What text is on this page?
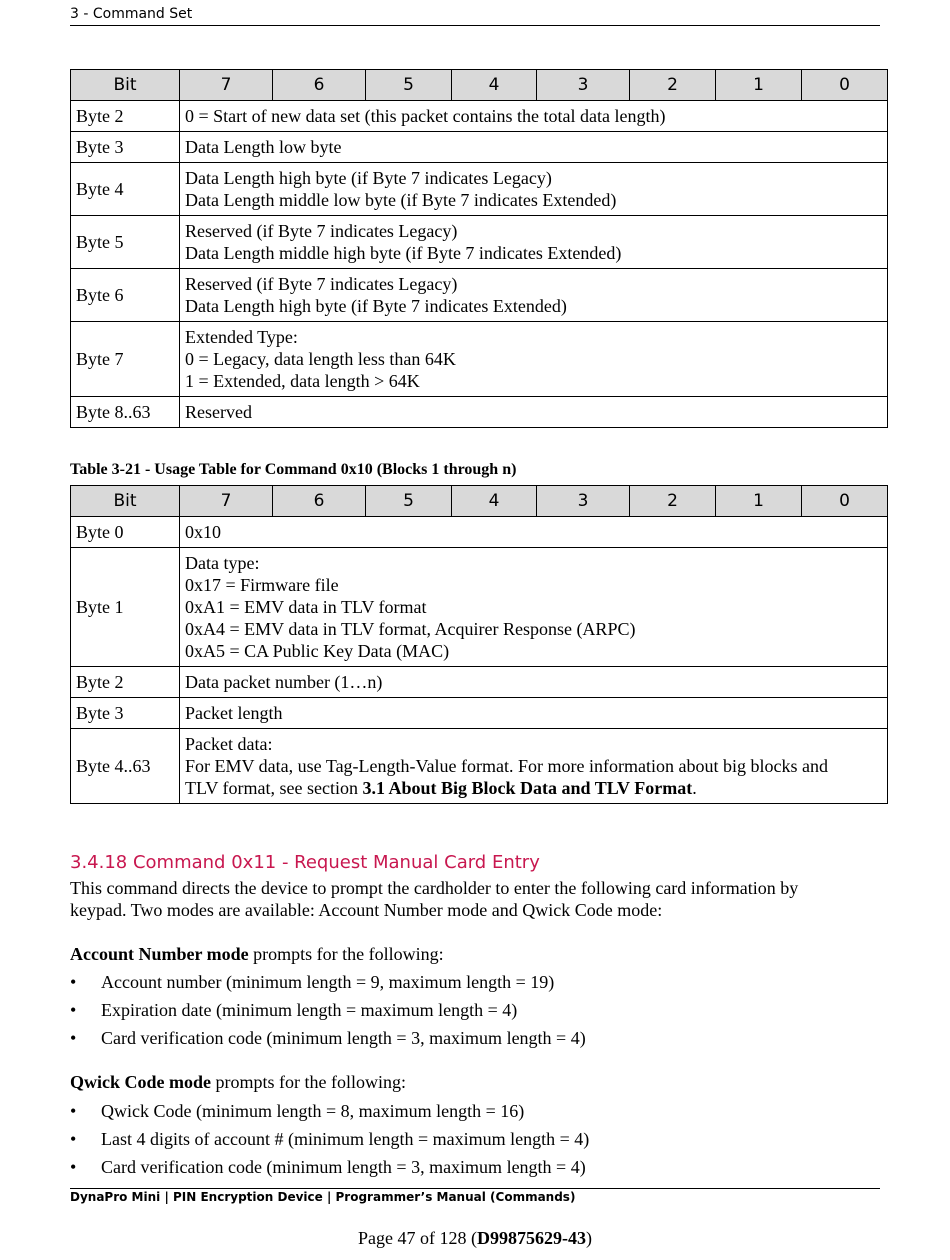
3 - Command Set
Bit	7	6	5	4	3	2	1	0
Byte 2	0 = Start of new data set (this packet contains the total data length)							

Byte 3	Data Length low byte							

Byte 4	Data Length high byte (if Byte 7 indicates Legacy)
Data Length middle low byte (if Byte 7 indicates Extended)							

Byte 5	Reserved (if Byte 7 indicates Legacy)
Data Length middle high byte (if Byte 7 indicates Extended)							

Byte 6	Reserved (if Byte 7 indicates Legacy)
Data Length high byte (if Byte 7 indicates Extended)							

Byte 7	Extended Type:
0 = Legacy, data length less than 64K
1 = Extended, data length > 64K							

Byte 8..63	Reserved							
Table 3-21 - Usage Table for Command 0x10 (Blocks 1 through n)
Bit	7	6	5	4	3	2	1	0
Byte 0	0x10							

Byte 1	Data type:
0x17 = Firmware file
0xA1 = EMV data in TLV format
0xA4 = EMV data in TLV format, Acquirer Response (ARPC)
0xA5 = CA Public Key Data (MAC)							

Byte 2	Data packet number (1…n)							

Byte 3	Packet length							

Byte 4..63	Packet data:
For EMV data, use Tag-Length-Value format. For more information about big blocks and
TLV format, see section 3.1 About Big Block Data and TLV Format.							
3.4.18 Command 0x11 - Request Manual Card Entry
This command directs the device to prompt the cardholder to enter the following card information by
keypad. Two modes are available: Account Number mode and Qwick Code mode:
Account Number mode prompts for the following:
• Account number (minimum length = 9, maximum length = 19)
• Expiration date (minimum length = maximum length = 4)
• Card verification code (minimum length = 3, maximum length = 4)
Qwick Code mode prompts for the following:
• Qwick Code (minimum length = 8, maximum length = 16)
• Last 4 digits of account # (minimum length = maximum length = 4)
• Card verification code (minimum length = 3, maximum length = 4)
DynaPro Mini | PIN Encryption Device | Programmer’s Manual (Commands)
Page 47 of 128 (D99875629-43)
